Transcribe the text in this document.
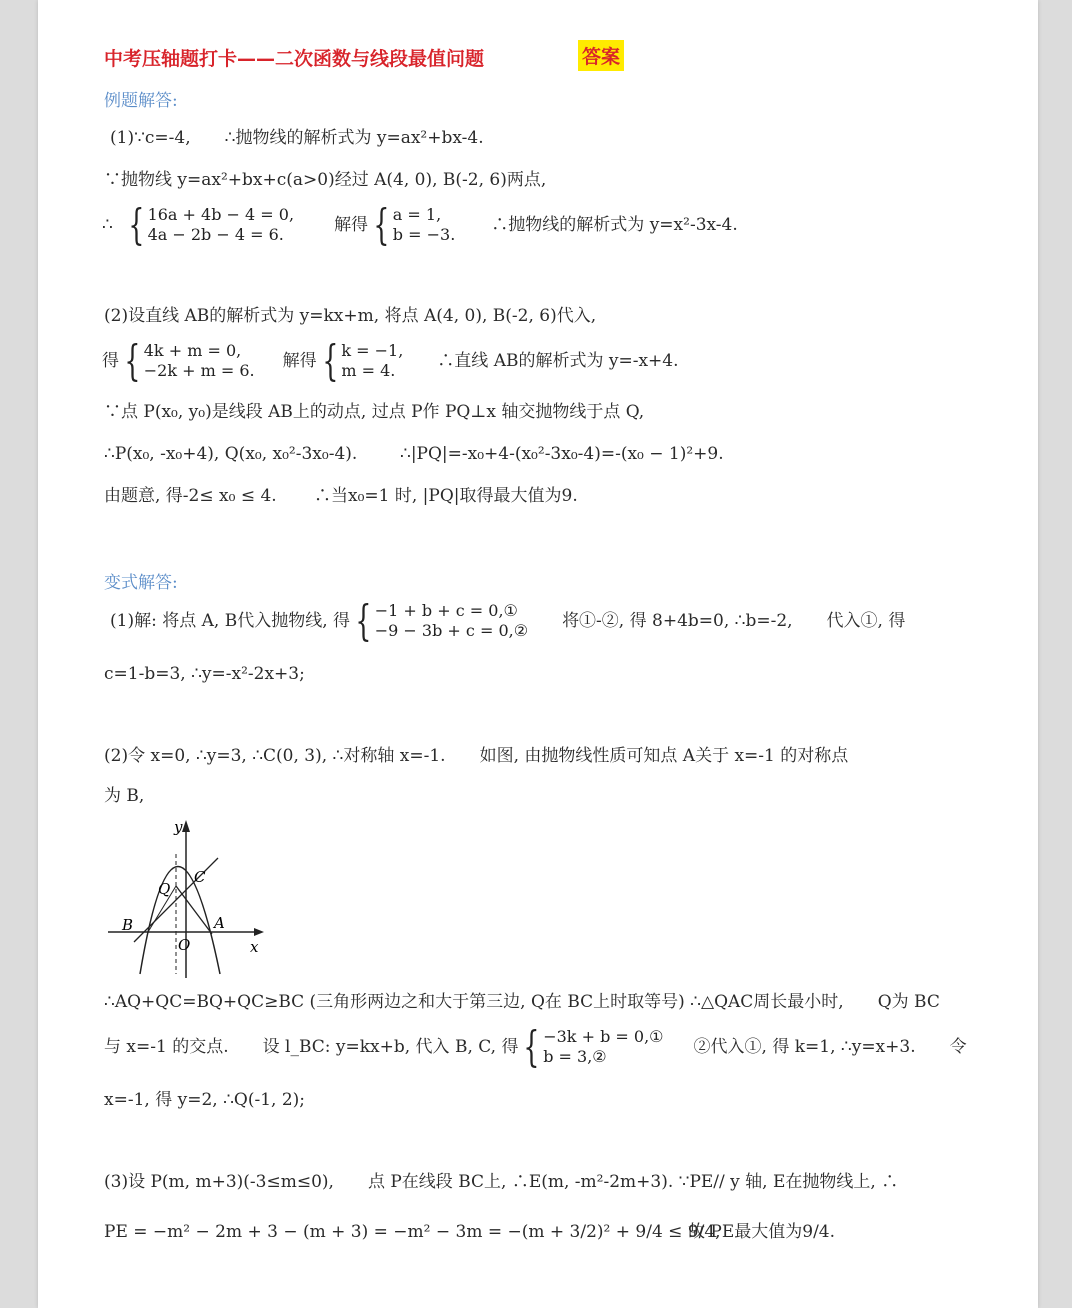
中考压轴题打卡——二次函数与线段最值问题	答案
例题解答:
(1)∵c=-4,　　∴抛物线的解析式为 y=ax²+bx-4.
∵抛物线 y=ax²+bx+c(a>0)经过 A(4, 0), B(-2, 6)两点,
∴ { 16a + 4b − 4 = 0,
4a − 2b − 4 = 6.	解得 { a = 1,
b = −3. ∴抛物线的解析式为 y=x²-3x-4.
(2)设直线 AB的解析式为 y=kx+m, 将点 A(4, 0), B(-2, 6)代入,
得 { 4k + m = 0,
−2k + m = 6. 解得 { k = −1,
m = 4.	∴直线 AB的解析式为 y=-x+4.
∵点 P(x₀, y₀)是线段 AB上的动点, 过点 P作 PQ⊥x 轴交抛物线于点 Q,
∴P(x₀, -x₀+4), Q(x₀, x₀²-3x₀-4).	∴|PQ|=-x₀+4-(x₀²-3x₀-4)=-(x₀ − 1)²+9.
由题意, 得-2≤ x₀ ≤ 4. ∴当x₀=1 时, |PQ|取得最大值为9.
变式解答:
(1)解: 将点 A, B代入抛物线, 得 { −1 + b + c = 0,①
−9 − 3b + c = 0,② 将①-②, 得 8+4b=0, ∴b=-2,　　代入①, 得
c=1-b=3, ∴y=-x²-2x+3;
(2)令 x=0, ∴y=3, ∴C(0, 3), ∴对称轴 x=-1.　　如图, 由抛物线性质可知点 A关于 x=-1 的对称点
为 B,
y
x
O
A
B
C
Q
∴AQ+QC=BQ+QC≥BC (三角形两边之和大于第三边, Q在 BC上时取等号) ∴△QAC周长最小时,　　Q为 BC
与 x=-1 的交点.　　设 l_BC: y=kx+b, 代入 B, C, 得 { −3k + b = 0,①
b = 3,②	②代入①, 得 k=1, ∴y=x+3.　　令
x=-1, 得 y=2, ∴Q(-1, 2);
(3)设 P(m, m+3)(-3≤m≤0),　　点 P在线段 BC上, ∴E(m, -m²-2m+3). ∵PE// y 轴, E在抛物线上, ∴
PE = −m² − 2m + 3 − (m + 3) = −m² − 3m = −(m + 3/2)² + 9/4 ≤ 9/4,
故 PE最大值为9/4.
